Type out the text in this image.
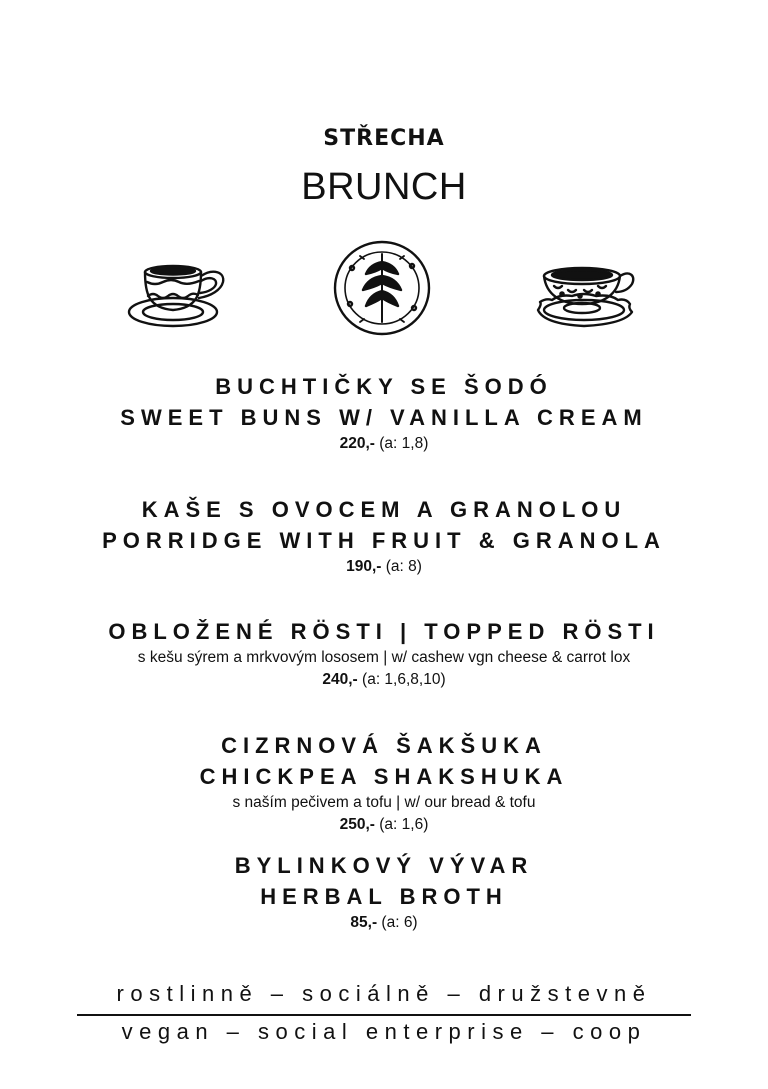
STŘECHA
BRUNCH
BUCHTIČKY SE ŠODÓ
SWEET BUNS W/ VANILLA CREAM
220,- (a: 1,8)
KAŠE S OVOCEM A GRANOLOU
PORRIDGE WITH FRUIT & GRANOLA
190,- (a: 8)
OBLOŽENÉ RÖSTI | TOPPED RÖSTI
s kešu sýrem a mrkvovým lososem | w/ cashew vgn cheese & carrot lox
240,- (a: 1,6,8,10)
CIZRNOVÁ ŠAKŠUKA
CHICKPEA SHAKSHUKA
s naším pečivem a tofu | w/ our bread & tofu
250,- (a: 1,6)
BYLINKOVÝ VÝVAR
HERBAL BROTH
85,- (a: 6)
rostlinně – sociálně – družstevně
vegan – social enterprise – coop
